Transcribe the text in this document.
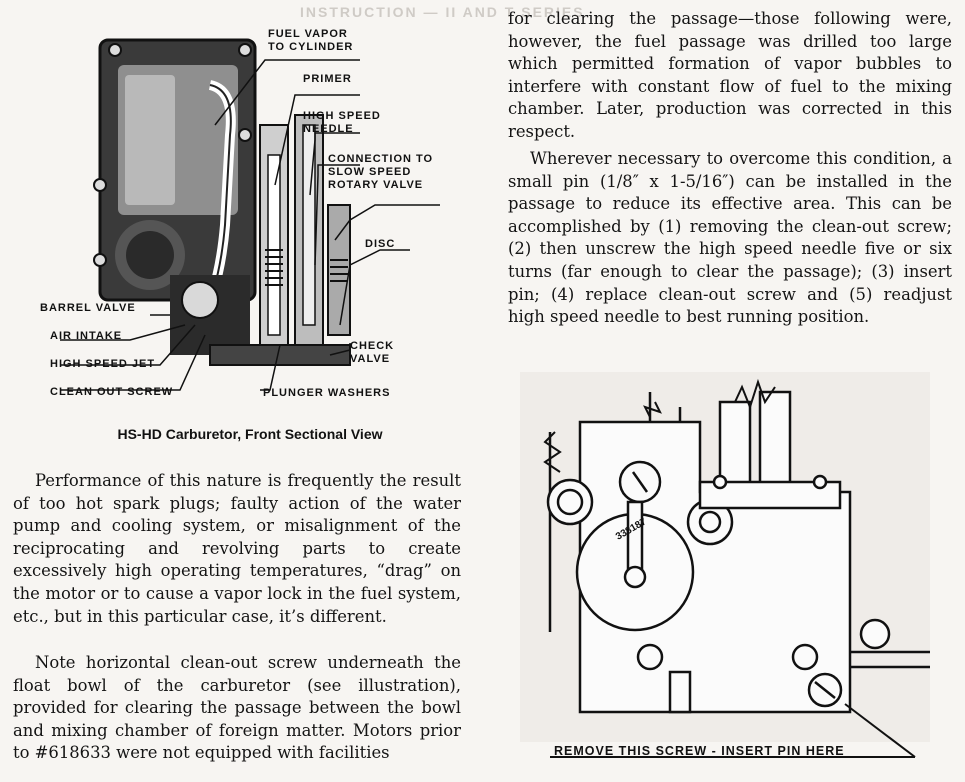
INSTRUCTION — II AND T SERIES
FUEL VAPOR
TO CYLINDER
PRIMER
HIGH SPEED
NEEDLE
CONNECTION TO
SLOW SPEED
ROTARY VALVE
DISC
BARREL VALVE
AIR INTAKE
HIGH SPEED JET
CLEAN OUT SCREW
CHECK
VALVE
PLUNGER WASHERS
HS-HD Carburetor, Front Sectional View

Performance of this nature is frequently the result of too hot spark plugs; faulty action of the water pump and cooling system, or misalignment of the reciprocating and revolving parts to create excessively high operating temperatures, “drag” on the motor or to cause a vapor lock in the fuel system, etc., but in this particular case, it’s different.

Note horizontal clean-out screw underneath the float bowl of the carburetor (see illustration), provided for clearing the passage between the bowl and mixing chamber of foreign matter. Motors prior to #618633 were not equipped with facilities

for clearing the passage—those following were, however, the fuel passage was drilled too large which permitted formation of vapor bubbles to interfere with constant flow of fuel to the mixing chamber. Later, production was corrected in this respect.

Wherever necessary to overcome this condition, a small pin (1/8″ x 1-5/16″) can be installed in the passage to reduce its effective area. This can be accomplished by (1) removing the clean-out screw; (2) then unscrew the high speed needle five or six turns (far enough to clear the passage); (3) insert pin; (4) replace clean-out screw and (5) readjust high speed needle to best running position.

338187
REMOVE THIS SCREW - INSERT PIN HERE
